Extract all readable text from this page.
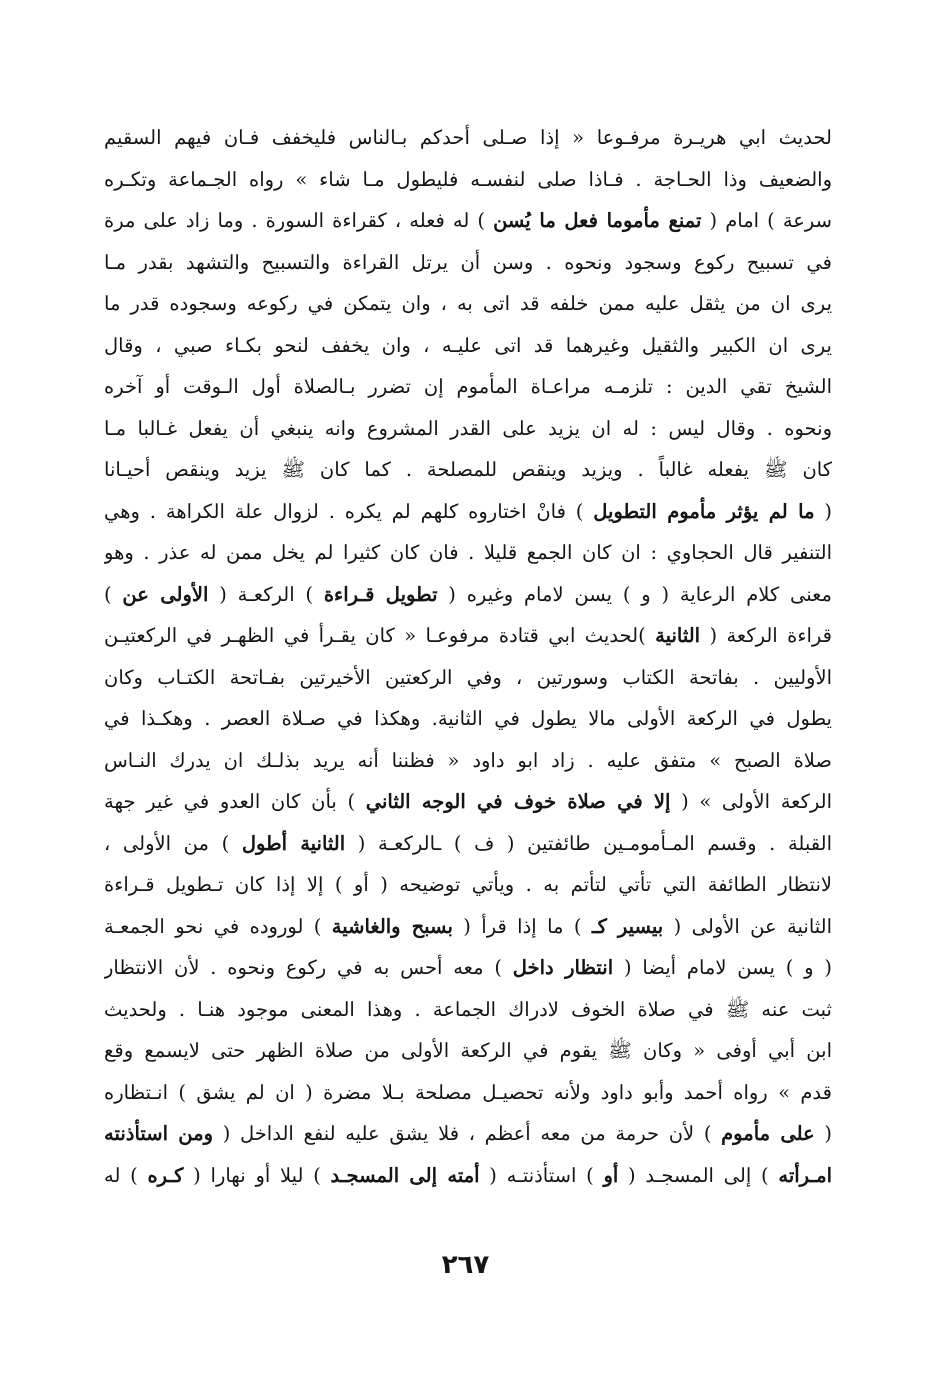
لحديث ابي هريـرة مرفـوعا « إذا صـلى أحدكم بـالناس فليخفف فـان فيهم السقيم
والضعيف وذا الحـاجة . فـاذا صلى لنفسـه فليطول مـا شاء » رواه الجـماعة وتكـره
سرعة ) امام ( تمنع مأموما فعل ما يُسن ) له فعله ، كقراءة السورة . وما زاد على مرة
في تسبيح ركوع وسجود ونحوه . وسن أن يرتل القراءة والتسبيح والتشهد بقدر مـا
يرى ان من يثقل عليه ممن خلفه قد اتى به ، وان يتمكن في ركوعه وسجوده قدر ما
يرى ان الكبير والثقيل وغيرهما قد اتى عليـه ، وان يخفف لنحو بكـاء صبي ، وقال
الشيخ تقي الدين : تلزمـه مراعـاة المأموم إن تضرر بـالصلاة أول الـوقت أو آخره
ونحوه . وقال ليس : له ان يزيد على القدر المشروع وانه ينبغي أن يفعل غـالبا مـا
كان ﷺ يفعله غالباً . ويزيد وينقص للمصلحة . كما كان ﷺ يزيد وينقص أحيـانا
( ما لم يؤثر مأموم التطويل ) فانْ اختاروه كلهم لم يكره . لزوال علة الكراهة . وهي
التنفير قال الحجاوي : ان كان الجمع قليلا . فان كان كثيرا لم يخل ممن له عذر . وهو
معنى كلام الرعاية ( و ) يسن لامام وغيره ( تطويل قـراءة ) الركعـة ( الأولى عن )
قراءة الركعة ( الثانية )لحديث ابي قتادة مرفوعـا « كان يقـرأ في الظهـر في الركعتيـن
الأوليين . بفاتحة الكتاب وسورتين ، وفي الركعتين الأخيرتين بفـاتحة الكتـاب وكان
يطول في الركعة الأولى مالا يطول في الثانية. وهكذا في صـلاة العصر . وهكـذا في
صلاة الصبح » متفق عليه . زاد ابو داود « فظننا أنه يريد بذلـك ان يدرك النـاس
الركعة الأولى » ( إلا في صلاة خوف في الوجه الثاني ) بأن كان العدو في غير جهة
القبلة . وقسم المـأمومـين طائفتين ( ف ) ـالركعـة ( الثانية أطول ) من الأولى ،
لانتظار الطائفة التي تأتي لتأتم به . ويأتي توضيحه ( أو ) إلا إذا كان تـطويل قـراءة
الثانية عن الأولى ( بيسير كـ ) ما إذا قرأ ( بسبح والغاشية ) لوروده في نحو الجمعـة
( و ) يسن لامام أيضا ( انتظار داخل ) معه أحس به في ركوع ونحوه . لأن الانتظار
ثبت عنه ﷺ في صلاة الخوف لادراك الجماعة . وهذا المعنى موجود هنـا . ولحديث
ابن أبي أوفى « وكان ﷺ يقوم في الركعة الأولى من صلاة الظهر حتى لايسمع وقع
قدم » رواه أحمد وأبو داود ولأنه تحصيـل مصلحة بـلا مضرة ( ان لم يشق ) انـتظاره
( على مأموم ) لأن حرمة من معه أعظم ، فلا يشق عليه لنفع الداخل ( ومن استأذنته
امـرأته ) إلى المسجـد ( أو ) استأذنتـه ( أمته إلى المسجـد ) ليلا أو نهارا ( كـره ) له
٢٦٧
